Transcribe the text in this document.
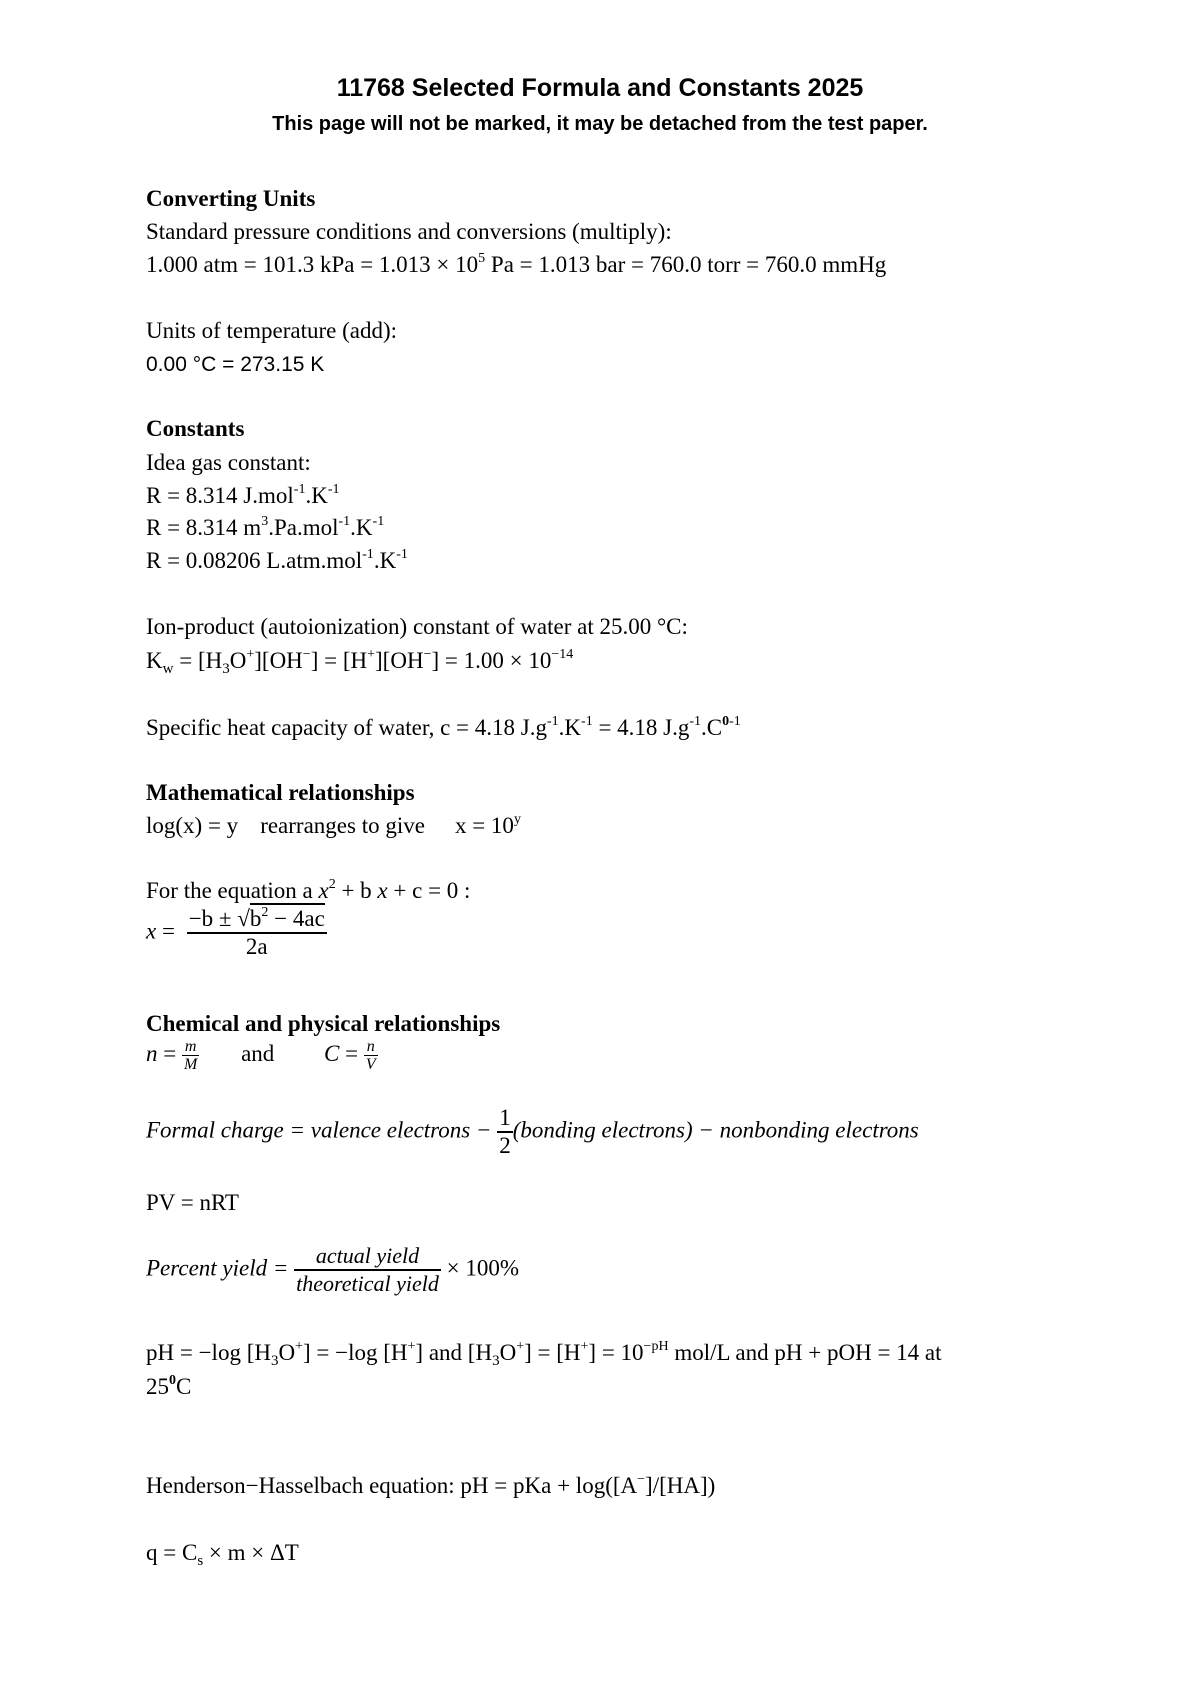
11768 Selected Formula and Constants 2025
This page will not be marked, it may be detached from the test paper.
Converting Units
Standard pressure conditions and conversions (multiply):
1.000 atm = 101.3 kPa = $1.013 \times 10^5$ Pa = 1.013 bar = 760.0 torr = 760.0 mmHg
Units of temperature (add):
0.00 °C = 273.15 K
Constants
Idea gas constant:
R = 8.314 $J.mol^{-1}.K^{-1}$
R = 8.314 $m^3.Pa.mol^{-1}.K^{-1}$
R = 0.08206 $L.atm.mol^{-1}.K^{-1}$
Ion-product (autoionization) constant of water at 25.00 °C:
$K_w = [H_3O^+][OH^-] = [H^+][OH^-] = 1.00 \times 10^{-14}$
Specific heat capacity of water, c = 4.18 $J.g^{-1}.K^{-1} = 4.18$ $J.g^{-1}.C^{0-1}$
Mathematical relationships
log(x) = y rearranges to give $x = 10^y$
For the equation a $x^2 + b$ x + c = 0 :
$x = \frac{-b \pm √b^2 - 4ac}{2a}$
Chemical and physical relationships
$n = \frac{m}{M}$ and $C = \frac{n}{V}$
Formal charge = valence electrons − $\frac{1}{2}$ (bonding electrons) − nonbonding electrons
PV = nRT
Percent yield = $\frac{\text{actual yield}}{\text{theoretical yield}} \times 100\%$
pH = −log $[H_3O^+] = -\log$ [H+] and $[H_3O^+] = [H^+] = 10^{-pH}$ mol/L and pH + pOH = 14 at
$25^0C$
Henderson−Hasselbach equation: pH = pKa + log([A−]/[HA])
$q = C_s \times m \times \Delta T$
